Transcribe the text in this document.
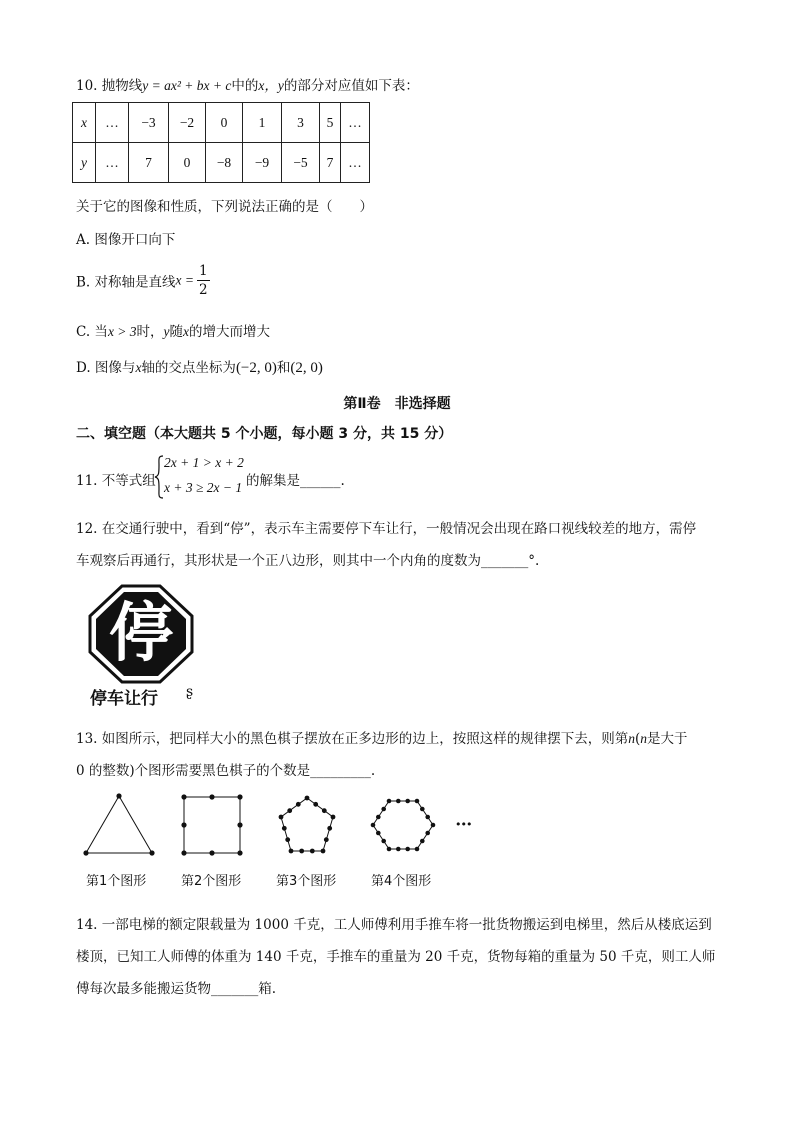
10. 抛物线y = ax² + bx + c中的x，y的部分对应值如下表：
x	…	−3	−2	0	1	3	5	…
y	…	7	0	−8	−9	−5	7	…
关于它的图像和性质，下列说法正确的是（　　）
A. 图像开口向下
B. 对称轴是直线$x = \frac{1}{2}$
C. 当x > 3时，y随x的增大而增大
D. 图像与x轴的交点坐标为(−2, 0)和(2, 0)
第Ⅱ卷　非选择题
二、填空题（本大题共 5 个小题，每小题 3 分，共 15 分）
11. 不等式组
2x + 1 > x + 2
x + 3 ≥ 2x − 1 的解集是______.
12. 在交通行驶中，看到“停”，表示车主需要停下车让行，一般情况会出现在路口视线较差的地方，需停
车观察后再通行，其形状是一个正八边形，则其中一个内角的度数为_______°.
停
停车让行 ʂ
13. 如图所示，把同样大小的黑色棋子摆放在正多边形的边上，按照这样的规律摆下去，则第n(n是大于
0 的整数)个图形需要黑色棋子的个数是_________.
•••
第1个图形	第2个图形	第3个图形	第4个图形
14. 一部电梯的额定限载量为 1000 千克，工人师傅利用手推车将一批货物搬运到电梯里，然后从楼底运到
楼顶，已知工人师傅的体重为 140 千克，手推车的重量为 20 千克，货物每箱的重量为 50 千克，则工人师
傅每次最多能搬运货物_______箱.
